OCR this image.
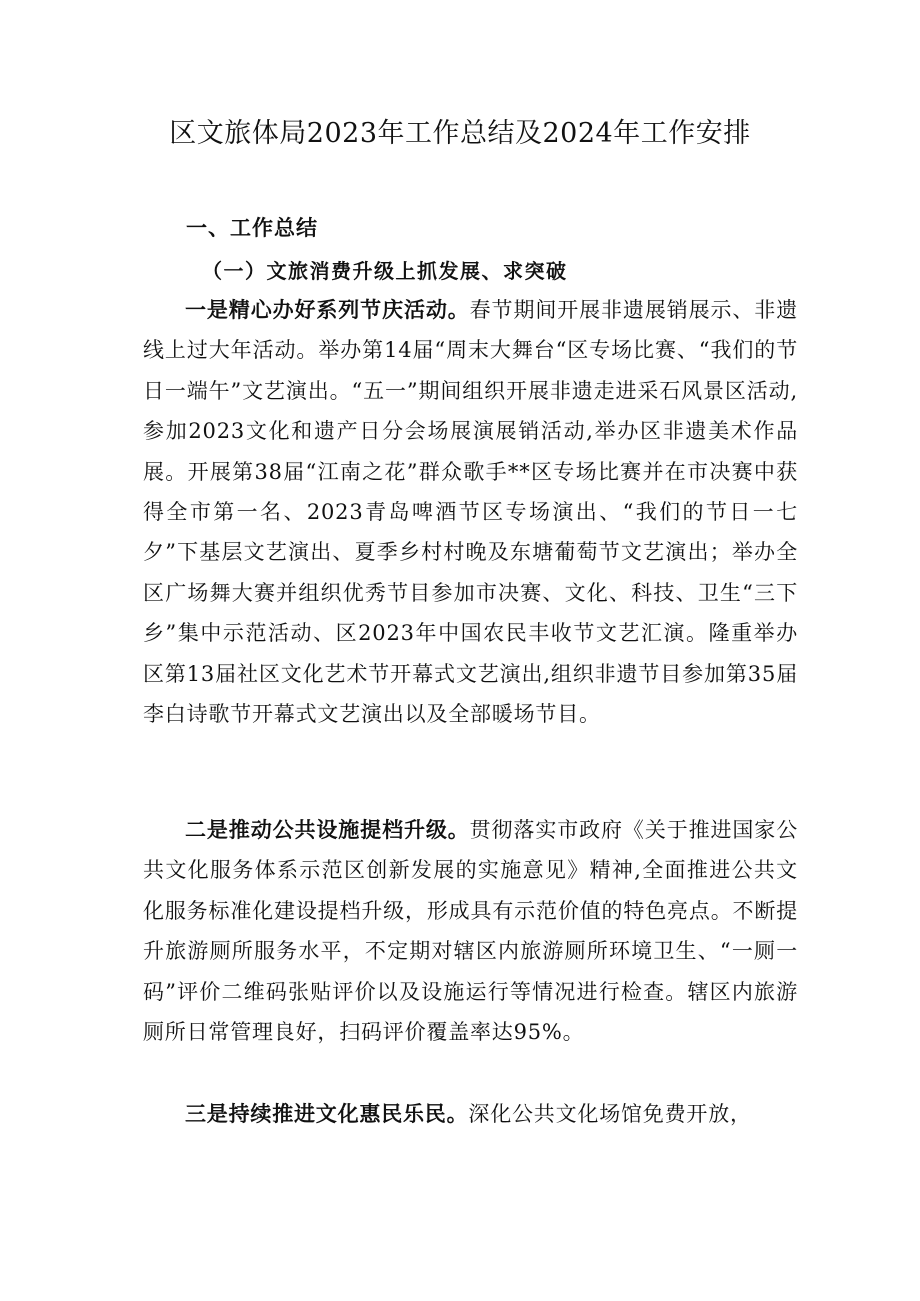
区文旅体局2023年工作总结及2024年工作安排
一、工作总结
（一）文旅消费升级上抓发展、求突破

一是精心办好系列节庆活动。春节期间开展非遗展销展示、非遗线上过大年活动。举办第14届“周末大舞台“区专场比赛、“我们的节日一端午”文艺演出。“五一”期间组织开展非遗走进采石风景区活动,参加2023文化和遗产日分会场展演展销活动,举办区非遗美术作品展。开展第38届“江南之花”群众歌手**区专场比赛并在市决赛中获得全市第一名、2023青岛啤酒节区专场演出、“我们的节日一七夕”下基层文艺演出、夏季乡村村晚及东塘葡萄节文艺演出；举办全区广场舞大赛并组织优秀节目参加市决赛、文化、科技、卫生“三下乡”集中示范活动、区2023年中国农民丰收节文艺汇演。隆重举办区第13届社区文化艺术节开幕式文艺演出,组织非遗节目参加第35届李白诗歌节开幕式文艺演出以及全部暖场节目。

二是推动公共设施提档升级。贯彻落实市政府《关于推进国家公共文化服务体系示范区创新发展的实施意见》精神,全面推进公共文化服务标准化建设提档升级，形成具有示范价值的特色亮点。不断提升旅游厕所服务水平，不定期对辖区内旅游厕所环境卫生、“一厕一码”评价二维码张贴评价以及设施运行等情况进行检查。辖区内旅游厕所日常管理良好，扫码评价覆盖率达95%。

三是持续推进文化惠民乐民。深化公共文化场馆免费开放，
